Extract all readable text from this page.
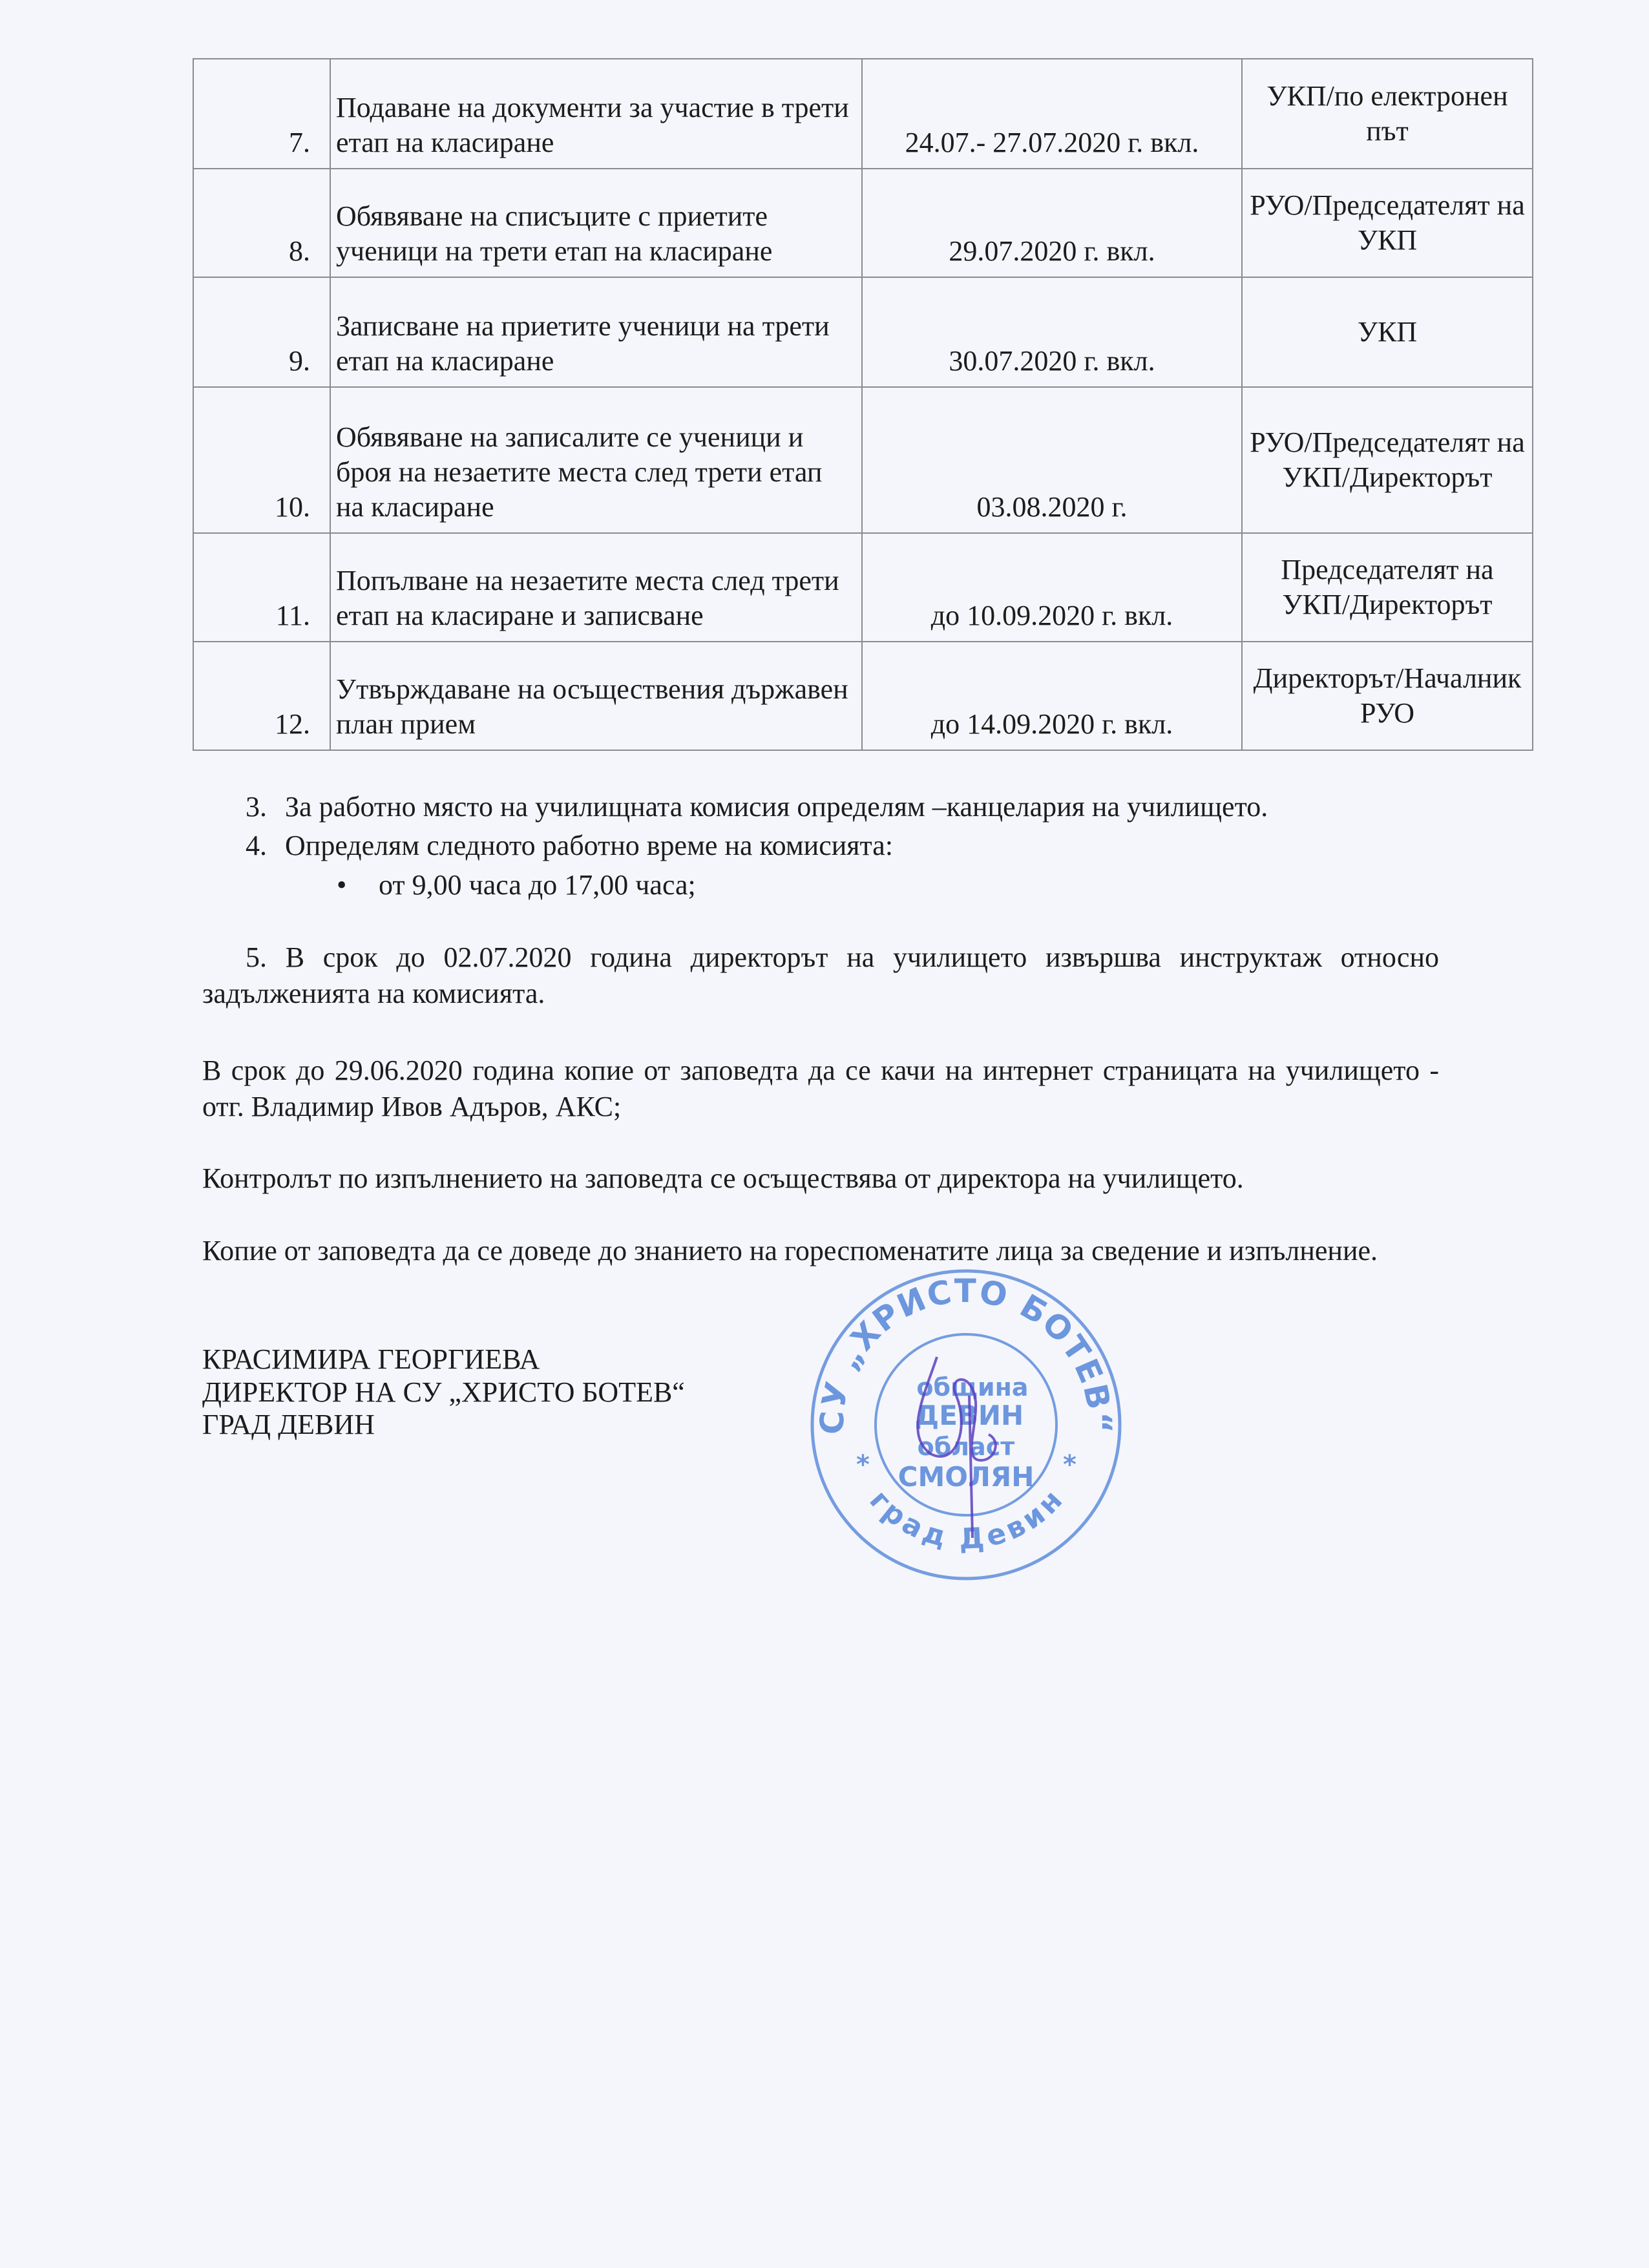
7.	Подаване на документи за участие в трети етап на класиране	24.07.- 27.07.2020 г. вкл.	УКП/по електронен път
8.	Обявяване на списъците с приетите ученици на трети етап на класиране	29.07.2020 г. вкл.	РУО/Председателят на УКП
9.	Записване на приетите ученици на трети етап на класиране	30.07.2020 г. вкл.	УКП
10.	Обявяване на записалите се ученици и броя на незаетите места след трети етап на класиране	03.08.2020 г.	РУО/Председателят на УКП/Директорът
11.	Попълване на незаетите места след трети етап на класиране и записване	до 10.09.2020 г. вкл.	Председателят на УКП/Директорът
12.	Утвърждаване на осъществения държавен план прием	до 14.09.2020 г. вкл.	Директорът/Началник РУО
3. За работно място на училищната комисия определям –канцелария на училището.
4. Определям следното работно време на комисията:
• от 9,00 часа до 17,00 часа;
5. В срок до 02.07.2020 година директорът на училището извършва инструктаж относно задълженията на комисията.
В срок до 29.06.2020 година копие от заповедта да се качи на интернет страницата на училището - отг. Владимир Ивов Адъров, АКС;
Контролът по изпълнението на заповедта се осъществява от директора на училището.
Копие от заповедта да се доведе до знанието на гореспоменатите лица за сведение и изпълнение.
КРАСИМИРА ГЕОРГИЕВА
ДИРЕКТОР НА СУ „ХРИСТО БОТЕВ“
ГРАД ДЕВИН	СУ „ХРИСТО БОТЕВ“
град Девин
*	*
община
ДЕВИН
област
СМОЛЯН
